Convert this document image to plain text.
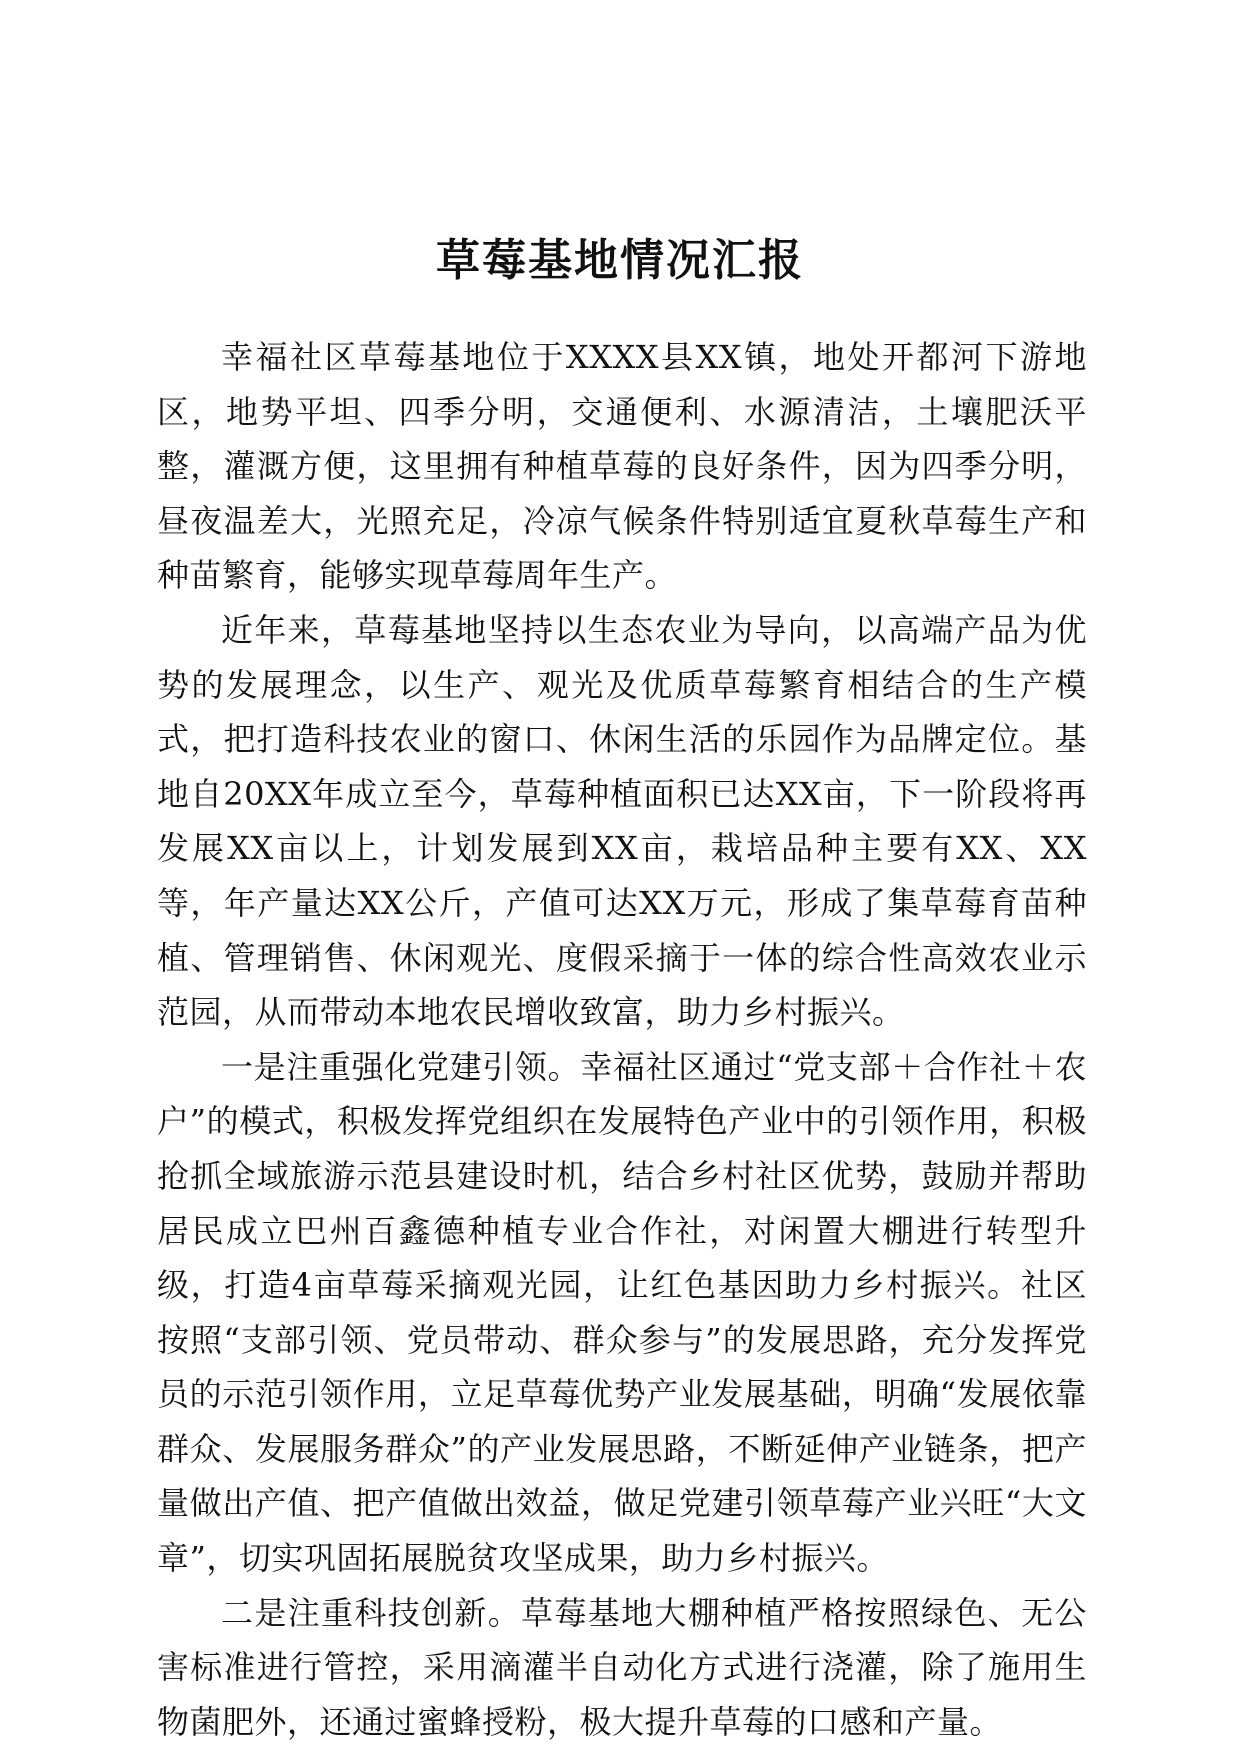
草莓基地情况汇报

幸福社区草莓基地位于XXXX县XX镇，地处开都河下游地区，地势平坦、四季分明，交通便利、水源清洁，土壤肥沃平整，灌溉方便，这里拥有种植草莓的良好条件，因为四季分明，昼夜温差大，光照充足，冷凉气候条件特别适宜夏秋草莓生产和种苗繁育，能够实现草莓周年生产。

近年来，草莓基地坚持以生态农业为导向，以高端产品为优势的发展理念，以生产、观光及优质草莓繁育相结合的生产模式，把打造科技农业的窗口、休闲生活的乐园作为品牌定位。基地自20XX年成立至今，草莓种植面积已达XX亩，下一阶段将再发展XX亩以上，计划发展到XX亩，栽培品种主要有XX、XX等，年产量达XX公斤，产值可达XX万元，形成了集草莓育苗种植、管理销售、休闲观光、度假采摘于一体的综合性高效农业示范园，从而带动本地农民增收致富，助力乡村振兴。

一是注重强化党建引领。幸福社区通过“党支部＋合作社＋农户”的模式，积极发挥党组织在发展特色产业中的引领作用，积极抢抓全域旅游示范县建设时机，结合乡村社区优势，鼓励并帮助居民成立巴州百鑫德种植专业合作社，对闲置大棚进行转型升级，打造4亩草莓采摘观光园，让红色基因助力乡村振兴。社区按照“支部引领、党员带动、群众参与”的发展思路，充分发挥党员的示范引领作用，立足草莓优势产业发展基础，明确“发展依靠群众、发展服务群众”的产业发展思路，不断延伸产业链条，把产量做出产值、把产值做出效益，做足党建引领草莓产业兴旺“大文章”，切实巩固拓展脱贫攻坚成果，助力乡村振兴。

二是注重科技创新。草莓基地大棚种植严格按照绿色、无公害标准进行管控，采用滴灌半自动化方式进行浇灌，除了施用生物菌肥外，还通过蜜蜂授粉，极大提升草莓的口感和产量。
